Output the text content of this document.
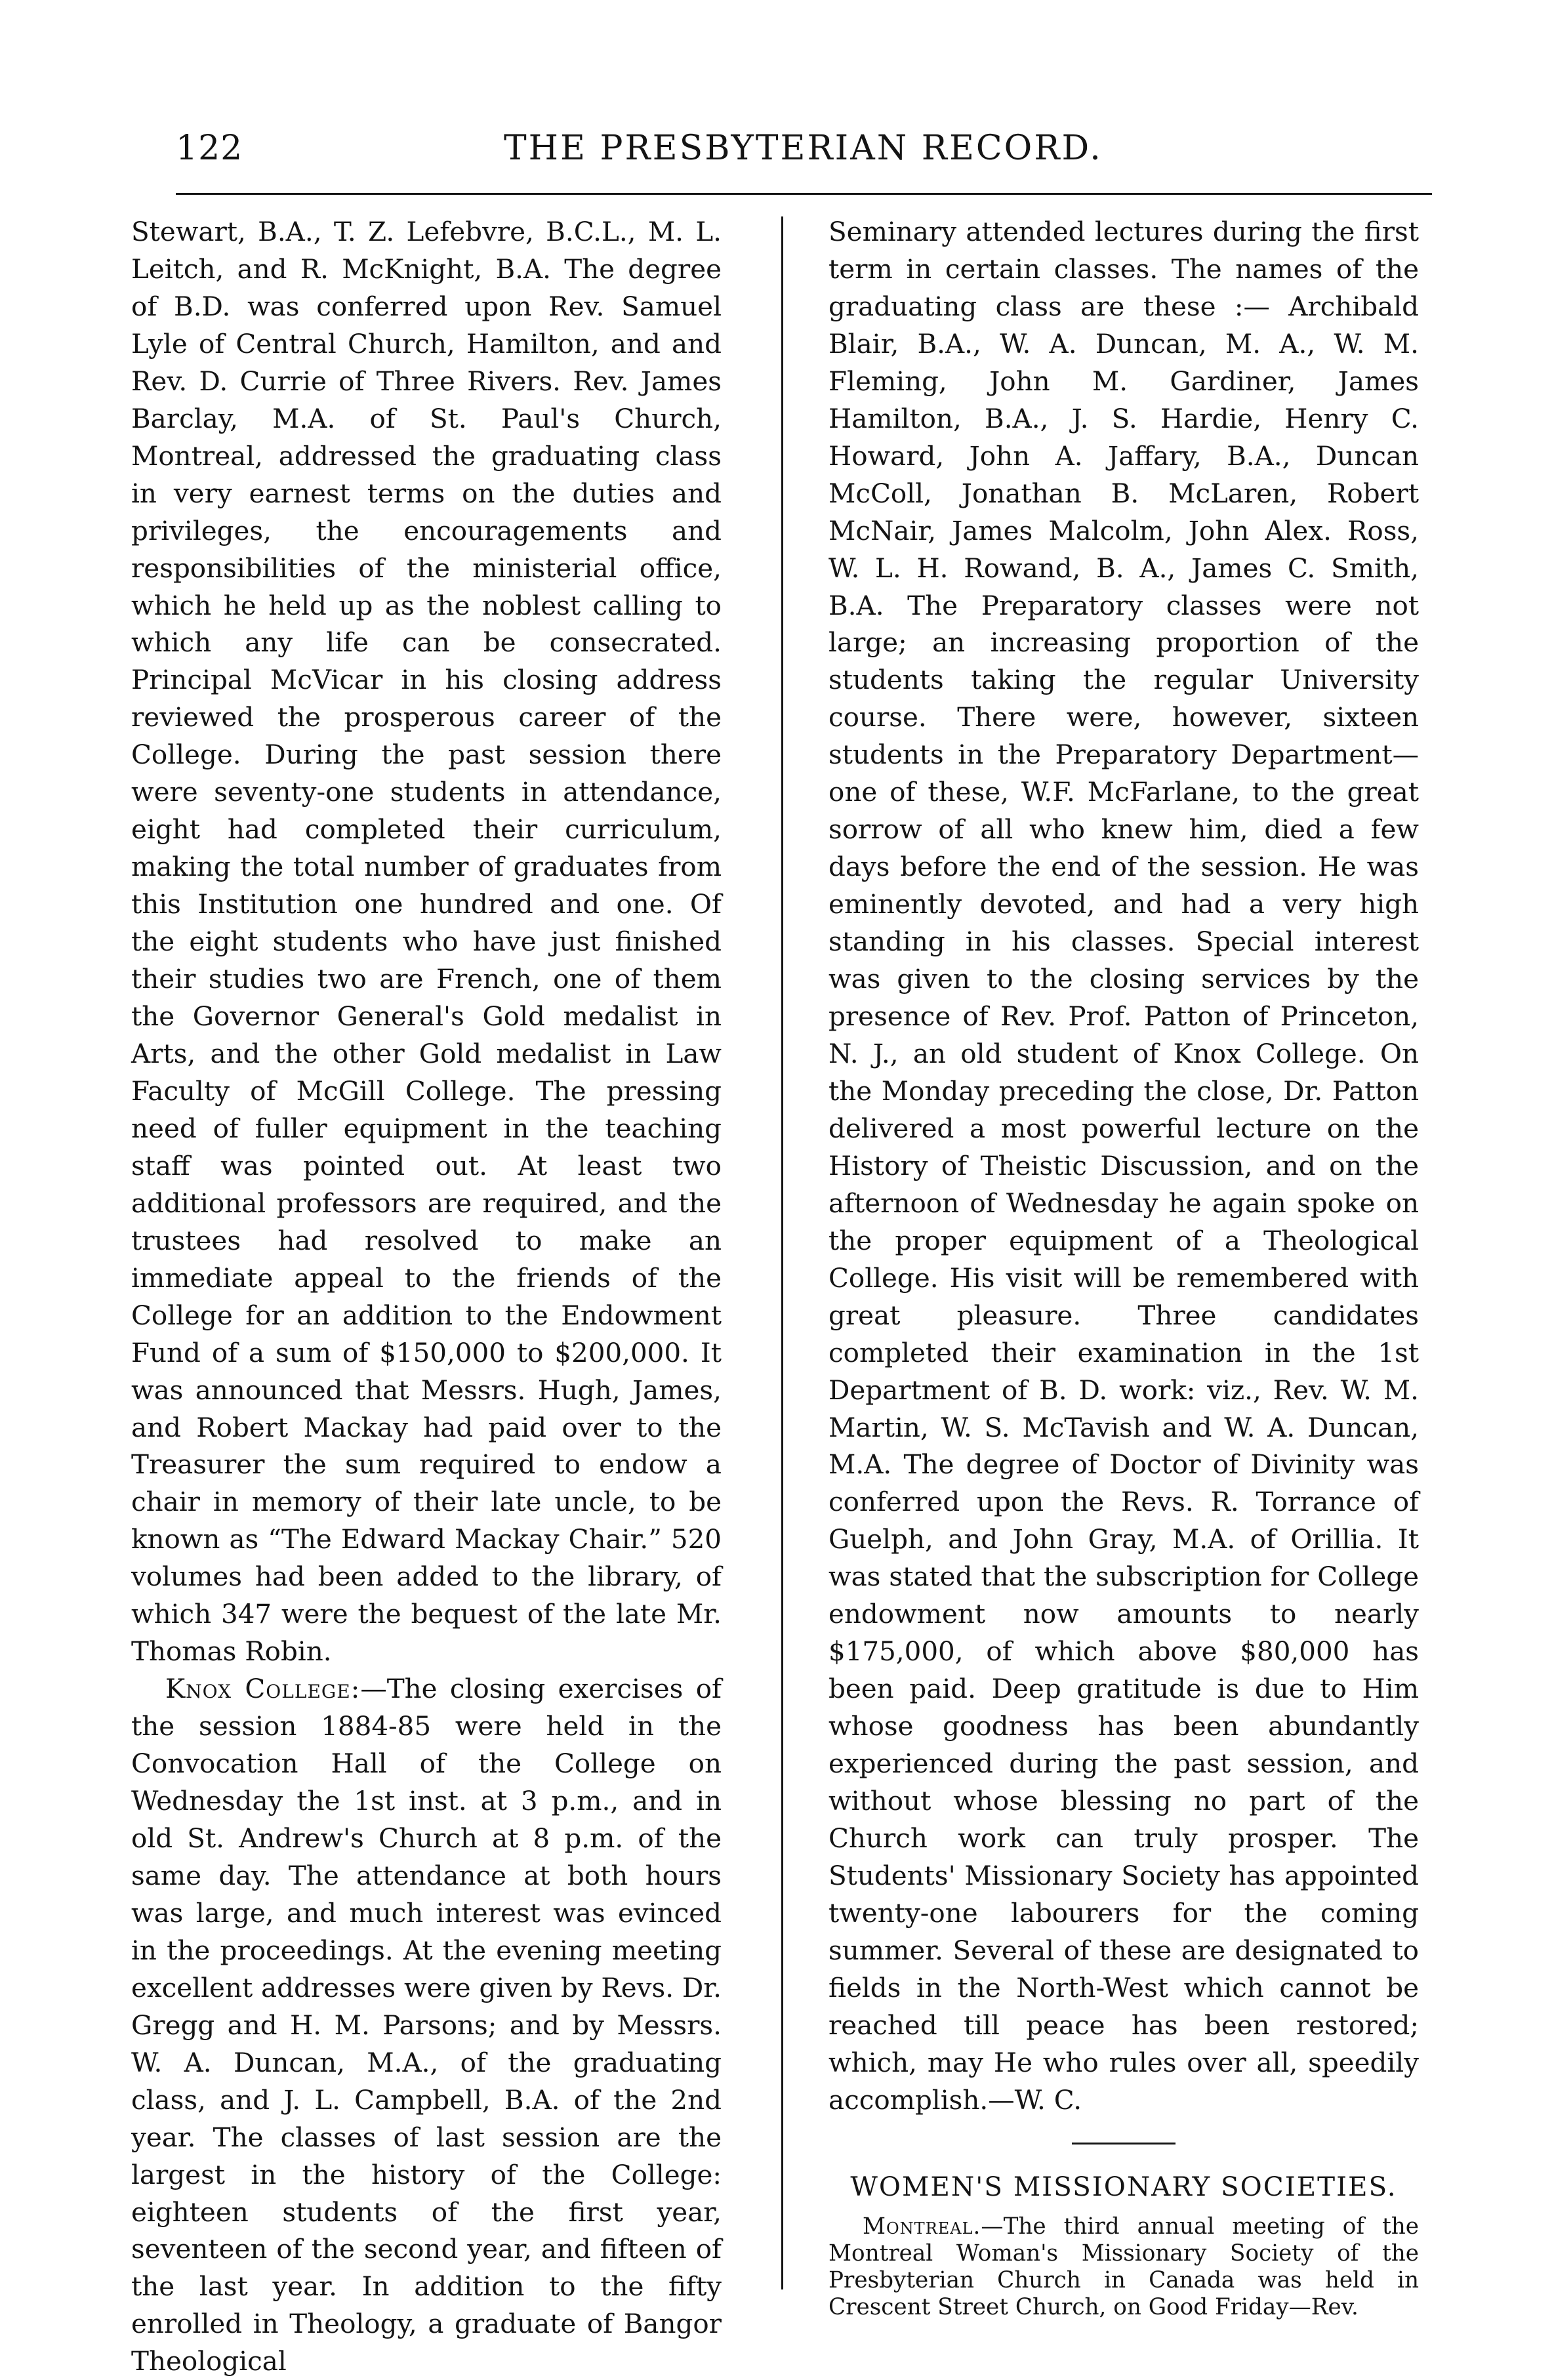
122	THE PRESBYTERIAN RECORD.

Stewart, B.A., T. Z. Lefebvre, B.C.L., M. L. Leitch, and R. McKnight, B.A. The degree of B.D. was conferred upon Rev. Samuel Lyle of Central Church, Hamilton, and and Rev. D. Currie of Three Rivers. Rev. James Barclay, M.A. of St. Paul's Church, Montreal, addressed the graduating class in very earnest terms on the duties and privileges, the encouragements and responsibilities of the ministerial office, which he held up as the noblest calling to which any life can be consecrated. Principal McVicar in his closing address reviewed the prosperous career of the College. During the past session there were seventy-one students in attendance, eight had completed their curriculum, making the total number of graduates from this Institution one hundred and one. Of the eight students who have just finished their studies two are French, one of them the Governor General's Gold medalist in Arts, and the other Gold medalist in Law Faculty of McGill College. The pressing need of fuller equipment in the teaching staff was pointed out. At least two additional professors are required, and the trustees had resolved to make an immediate appeal to the friends of the College for an addition to the Endowment Fund of a sum of $150,000 to $200,000. It was announced that Messrs. Hugh, James, and Robert Mackay had paid over to the Treasurer the sum required to endow a chair in memory of their late uncle, to be known as “The Edward Mackay Chair.” 520 volumes had been added to the library, of which 347 were the bequest of the late Mr. Thomas Robin.

Knox College:—The closing exercises of the session 1884-85 were held in the Convocation Hall of the College on Wednesday the 1st inst. at 3 p.m., and in old St. Andrew's Church at 8 p.m. of the same day. The attendance at both hours was large, and much interest was evinced in the proceedings. At the evening meeting excellent addresses were given by Revs. Dr. Gregg and H. M. Parsons; and by Messrs. W. A. Duncan, M.A., of the graduating class, and J. L. Campbell, B.A. of the 2nd year. The classes of last session are the largest in the history of the College: eighteen students of the first year, seventeen of the second year, and fifteen of the last year. In addition to the fifty enrolled in Theology, a graduate of Bangor Theological

Seminary attended lectures during the first term in certain classes. The names of the graduating class are these :— Archibald Blair, B.A., W. A. Duncan, M. A., W. M. Fleming, John M. Gardiner, James Hamilton, B.A., J. S. Hardie, Henry C. Howard, John A. Jaffary, B.A., Duncan McColl, Jonathan B. McLaren, Robert McNair, James Malcolm, John Alex. Ross, W. L. H. Rowand, B. A., James C. Smith, B.A. The Preparatory classes were not large; an increasing proportion of the students taking the regular University course. There were, however, sixteen students in the Preparatory Department—one of these, W.F. McFarlane, to the great sorrow of all who knew him, died a few days before the end of the session. He was eminently devoted, and had a very high standing in his classes. Special interest was given to the closing services by the presence of Rev. Prof. Patton of Princeton, N. J., an old student of Knox College. On the Monday preceding the close, Dr. Patton delivered a most powerful lecture on the History of Theistic Discussion, and on the afternoon of Wednesday he again spoke on the proper equipment of a Theological College. His visit will be remembered with great pleasure. Three candidates completed their examination in the 1st Department of B. D. work: viz., Rev. W. M. Martin, W. S. McTavish and W. A. Duncan, M.A. The degree of Doctor of Divinity was conferred upon the Revs. R. Torrance of Guelph, and John Gray, M.A. of Orillia. It was stated that the subscription for College endowment now amounts to nearly $175,000, of which above $80,000 has been paid. Deep gratitude is due to Him whose goodness has been abundantly experienced during the past session, and without whose blessing no part of the Church work can truly prosper. The Students' Missionary Society has appointed twenty-one labourers for the coming summer. Several of these are designated to fields in the North-West which cannot be reached till peace has been restored; which, may He who rules over all, speedily accomplish.—W. C.

WOMEN'S MISSIONARY SOCIETIES.

Montreal.—The third annual meeting of the Montreal Woman's Missionary Society of the Presbyterian Church in Canada was held in Crescent Street Church, on Good Friday—Rev.
